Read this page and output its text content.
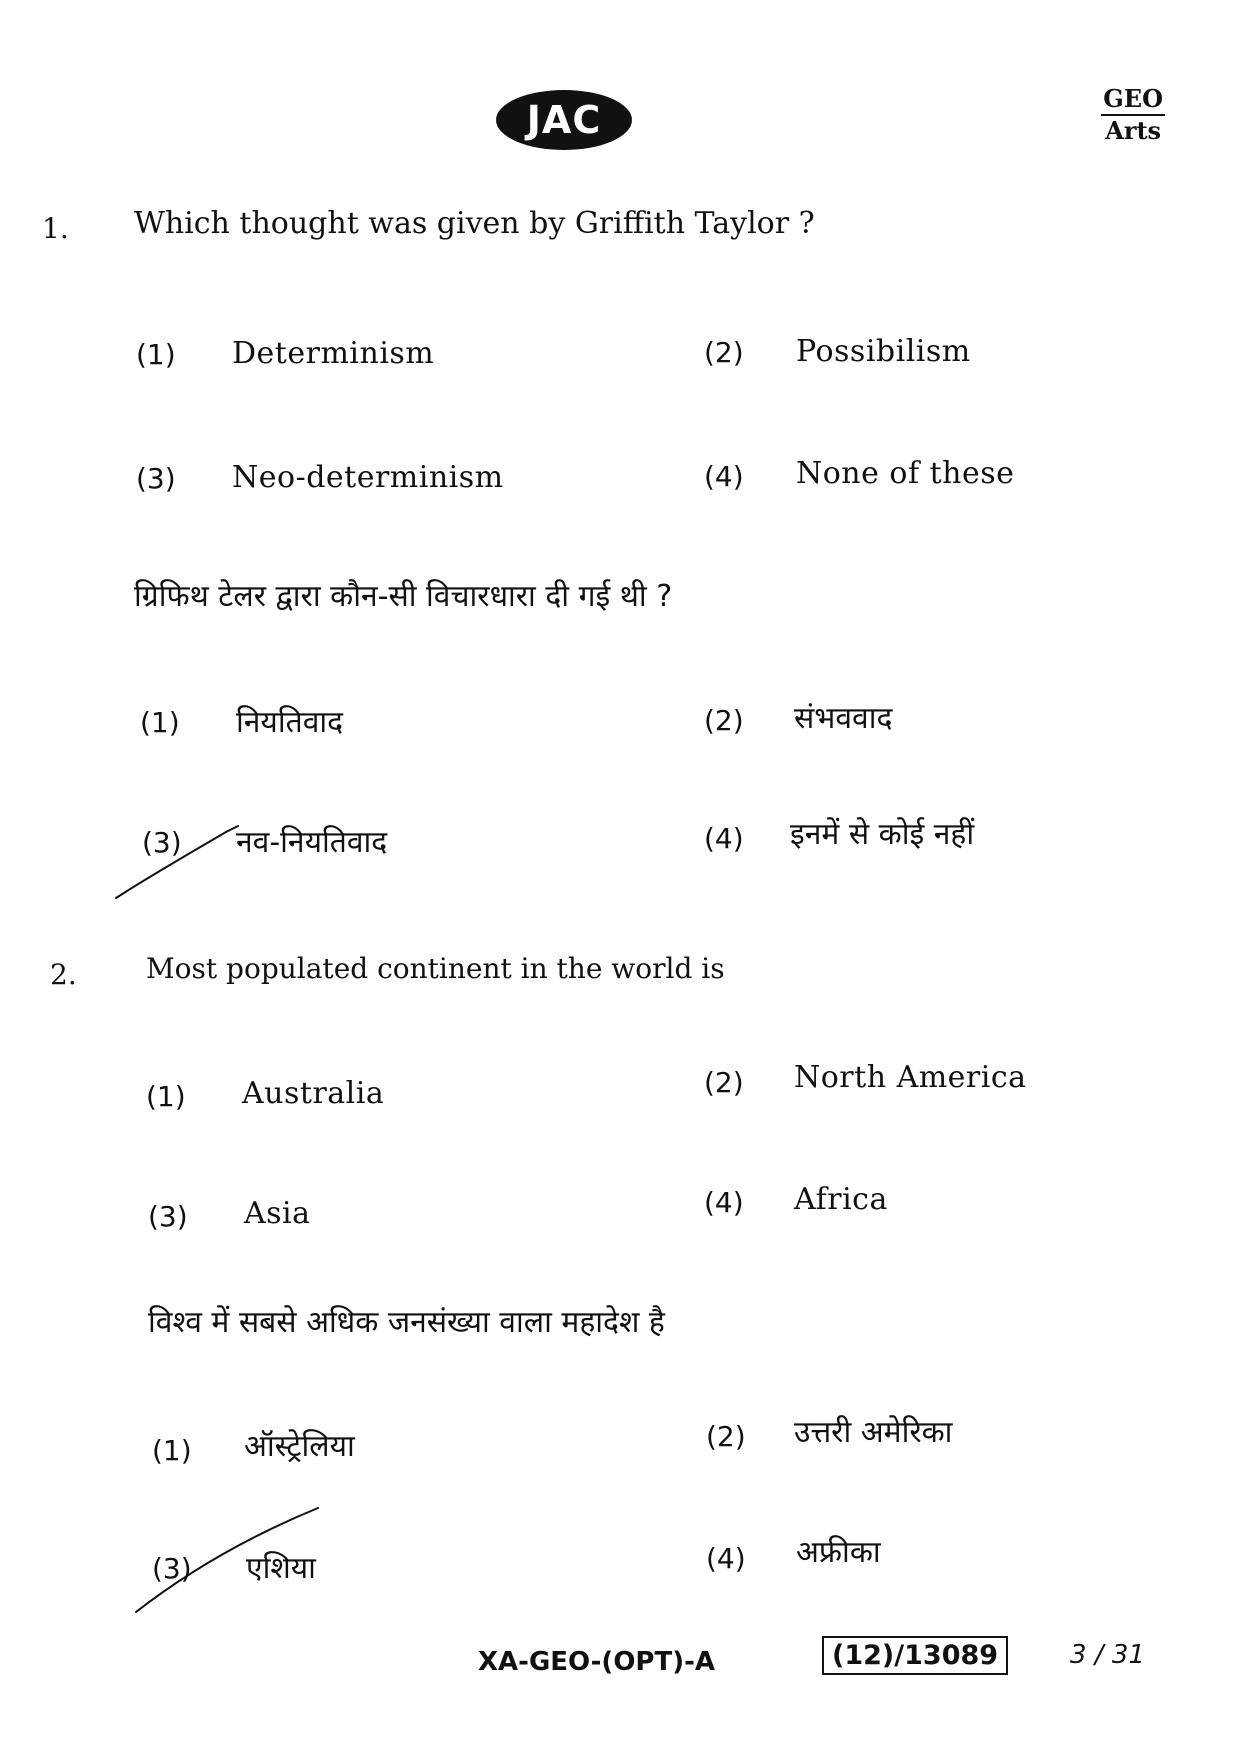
JAC	GEO
Arts
1. Which thought was given by Griffith Taylor ?
(1) Determinism	(2) Possibilism
(3) Neo-determinism	(4) None of these
ग्रिफिथ टेलर द्वारा कौन-सी विचारधारा दी गई थी ?
(1) नियतिवाद	(2) संभववाद
(3) नव-नियतिवाद	(4) इनमें से कोई नहीं
2. Most populated continent in the world is
(1) Australia	(2) North America
(3) Asia	(4) Africa
विश्व में सबसे अधिक जनसंख्या वाला महादेश है
(1) ऑस्ट्रेलिया	(2) उत्तरी अमेरिका
(3) एशिया	(4) अफ्रीका
XA-GEO-(OPT)-A	(12)/13089	3 / 31
